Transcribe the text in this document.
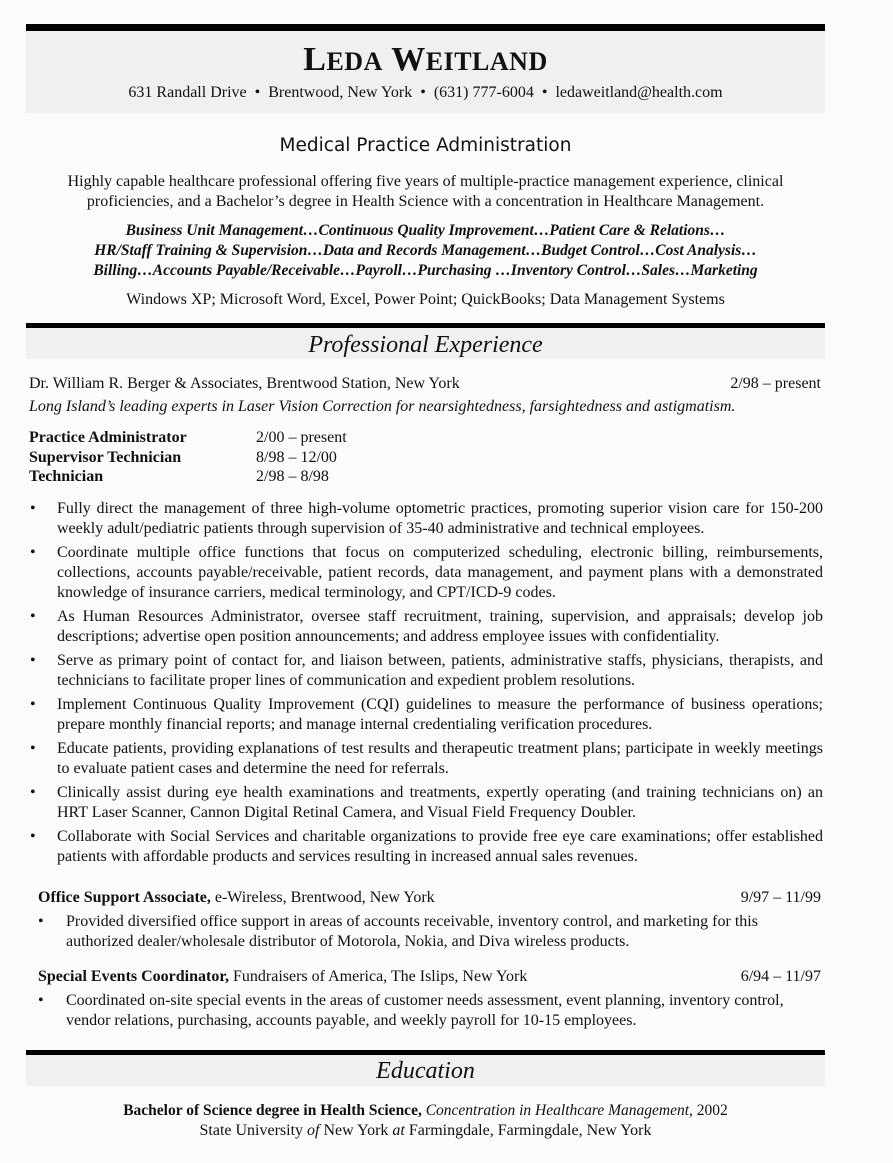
LEDA WEITLAND
631 Randall Drive • Brentwood, New York • (631) 777-6004 • ledaweitland@health.com
Medical Practice Administration
Highly capable healthcare professional offering five years of multiple-practice management experience, clinical
proficiencies, and a Bachelor’s degree in Health Science with a concentration in Healthcare Management.
Business Unit Management…Continuous Quality Improvement…Patient Care & Relations…
HR/Staff Training & Supervision…Data and Records Management…Budget Control…Cost Analysis…
Billing…Accounts Payable/Receivable…Payroll…Purchasing …Inventory Control…Sales…Marketing
Windows XP; Microsoft Word, Excel, Power Point; QuickBooks; Data Management Systems
Professional Experience
Dr. William R. Berger & Associates, Brentwood Station, New York	2/98 – present
Long Island’s leading experts in Laser Vision Correction for nearsightedness, farsightedness and astigmatism.
Practice Administrator	2/00 – present
Supervisor Technician	8/98 – 12/00
Technician	2/98 – 8/98
• Fully direct the management of three high-volume optometric practices, promoting superior vision care for 150-200 weekly adult/pediatric patients through supervision of 35-40 administrative and technical employees.
• Coordinate multiple office functions that focus on computerized scheduling, electronic billing, reimbursements, collections, accounts payable/receivable, patient records, data management, and payment plans with a demonstrated knowledge of insurance carriers, medical terminology, and CPT/ICD-9 codes.
• As Human Resources Administrator, oversee staff recruitment, training, supervision, and appraisals; develop job descriptions; advertise open position announcements; and address employee issues with confidentiality.
• Serve as primary point of contact for, and liaison between, patients, administrative staffs, physicians, therapists, and technicians to facilitate proper lines of communication and expedient problem resolutions.
• Implement Continuous Quality Improvement (CQI) guidelines to measure the performance of business operations; prepare monthly financial reports; and manage internal credentialing verification procedures.
• Educate patients, providing explanations of test results and therapeutic treatment plans; participate in weekly meetings to evaluate patient cases and determine the need for referrals.
• Clinically assist during eye health examinations and treatments, expertly operating (and training technicians on) an HRT Laser Scanner, Cannon Digital Retinal Camera, and Visual Field Frequency Doubler.
• Collaborate with Social Services and charitable organizations to provide free eye care examinations; offer established patients with affordable products and services resulting in increased annual sales revenues.
Office Support Associate, e-Wireless, Brentwood, New York	9/97 – 11/99
• Provided diversified office support in areas of accounts receivable, inventory control, and marketing for this authorized dealer/wholesale distributor of Motorola, Nokia, and Diva wireless products.
Special Events Coordinator, Fundraisers of America, The Islips, New York	6/94 – 11/97
• Coordinated on-site special events in the areas of customer needs assessment, event planning, inventory control, vendor relations, purchasing, accounts payable, and weekly payroll for 10-15 employees.
Education
Bachelor of Science degree in Health Science, Concentration in Healthcare Management, 2002
State University of New York at Farmingdale, Farmingdale, New York
